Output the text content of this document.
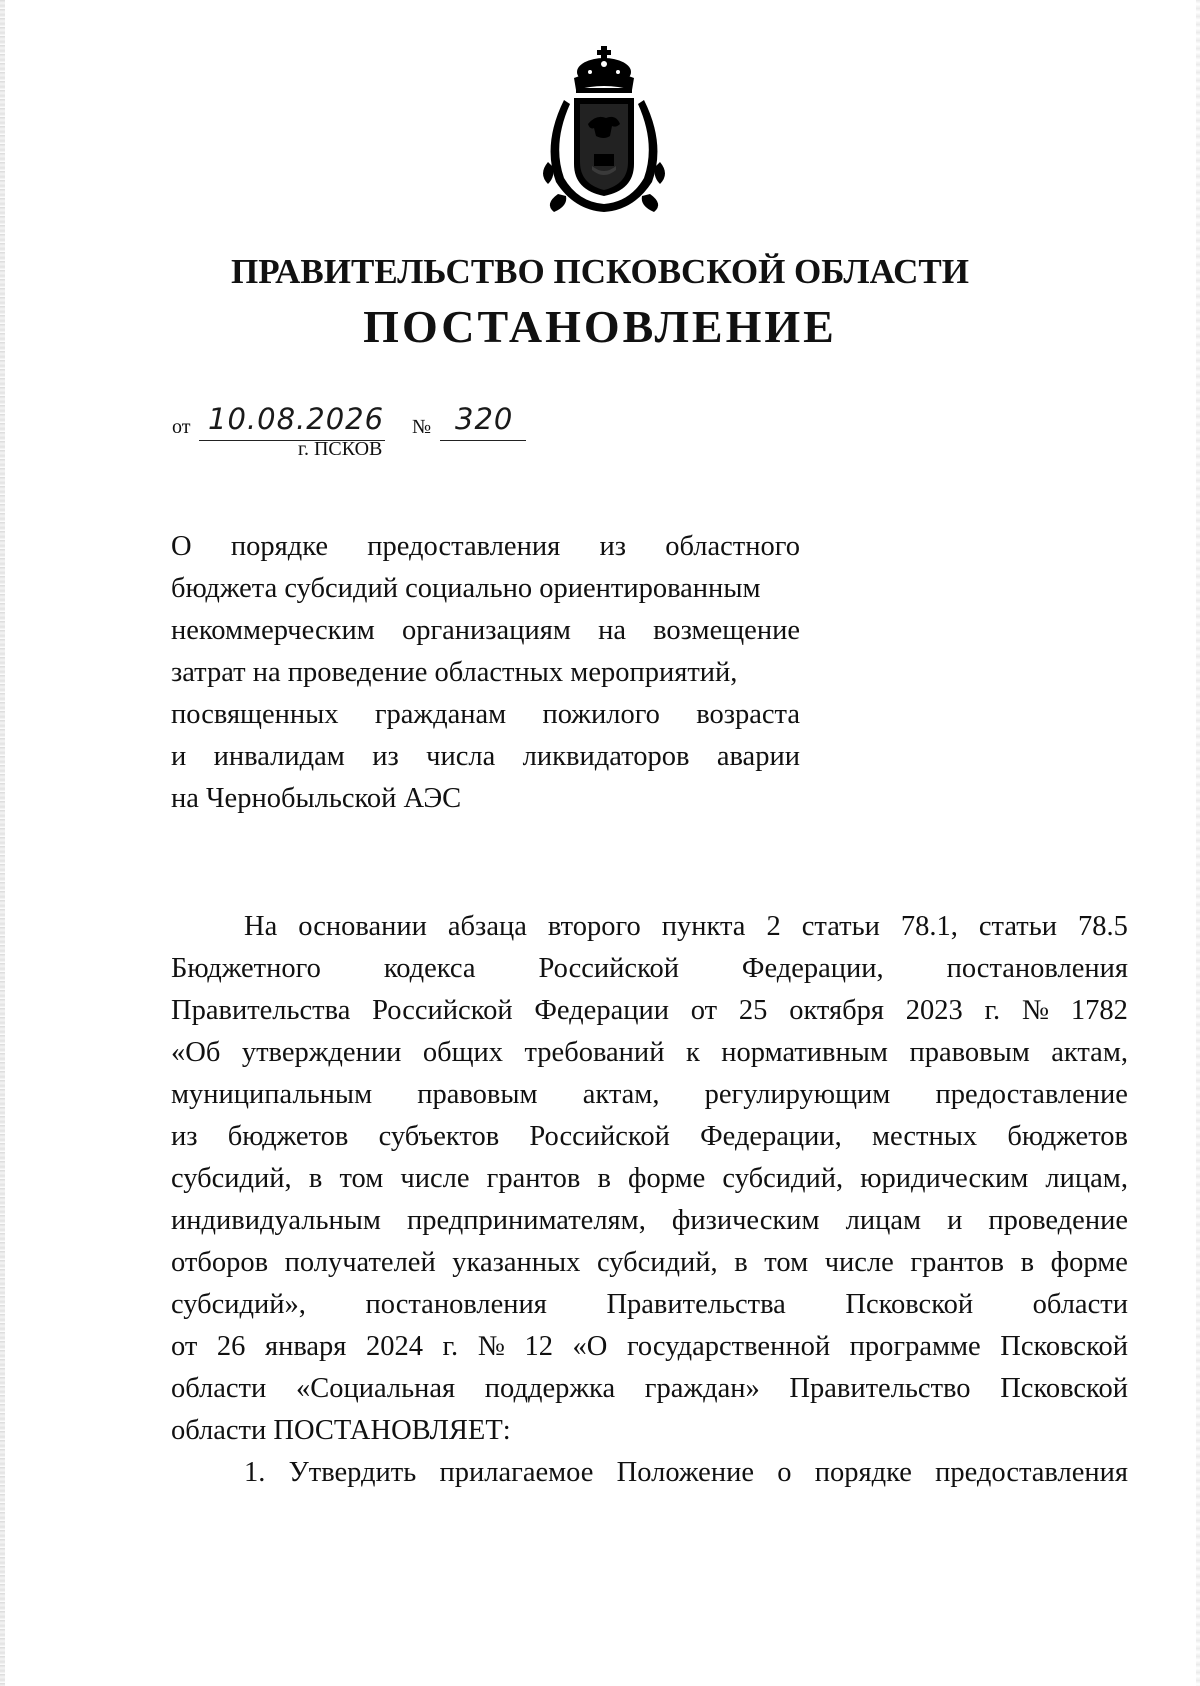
ПРАВИТЕЛЬСТВО ПСКОВСКОЙ ОБЛАСТИ
ПОСТАНОВЛЕНИЕ
от 10.08.2026 № 320
г. ПСКОВ
О порядке предоставления из областного
бюджета субсидий социально ориентированным
некоммерческим организациям на возмещение
затрат на проведение областных мероприятий,
посвященных гражданам пожилого возраста
и инвалидам из числа ликвидаторов аварии
на Чернобыльской АЭС
На основании абзаца второго пункта 2 статьи 78.1, статьи 78.5
Бюджетного кодекса Российской Федерации, постановления
Правительства Российской Федерации от 25 октября 2023 г. № 1782
«Об утверждении общих требований к нормативным правовым актам,
муниципальным правовым актам, регулирующим предоставление
из бюджетов субъектов Российской Федерации, местных бюджетов
субсидий, в том числе грантов в форме субсидий, юридическим лицам,
индивидуальным предпринимателям, физическим лицам и проведение
отборов получателей указанных субсидий, в том числе грантов в форме
субсидий», постановления Правительства Псковской области
от 26 января 2024 г. № 12 «О государственной программе Псковской
области «Социальная поддержка граждан» Правительство Псковской
области ПОСТАНОВЛЯЕТ:
1. Утвердить прилагаемое Положение о порядке предоставления
